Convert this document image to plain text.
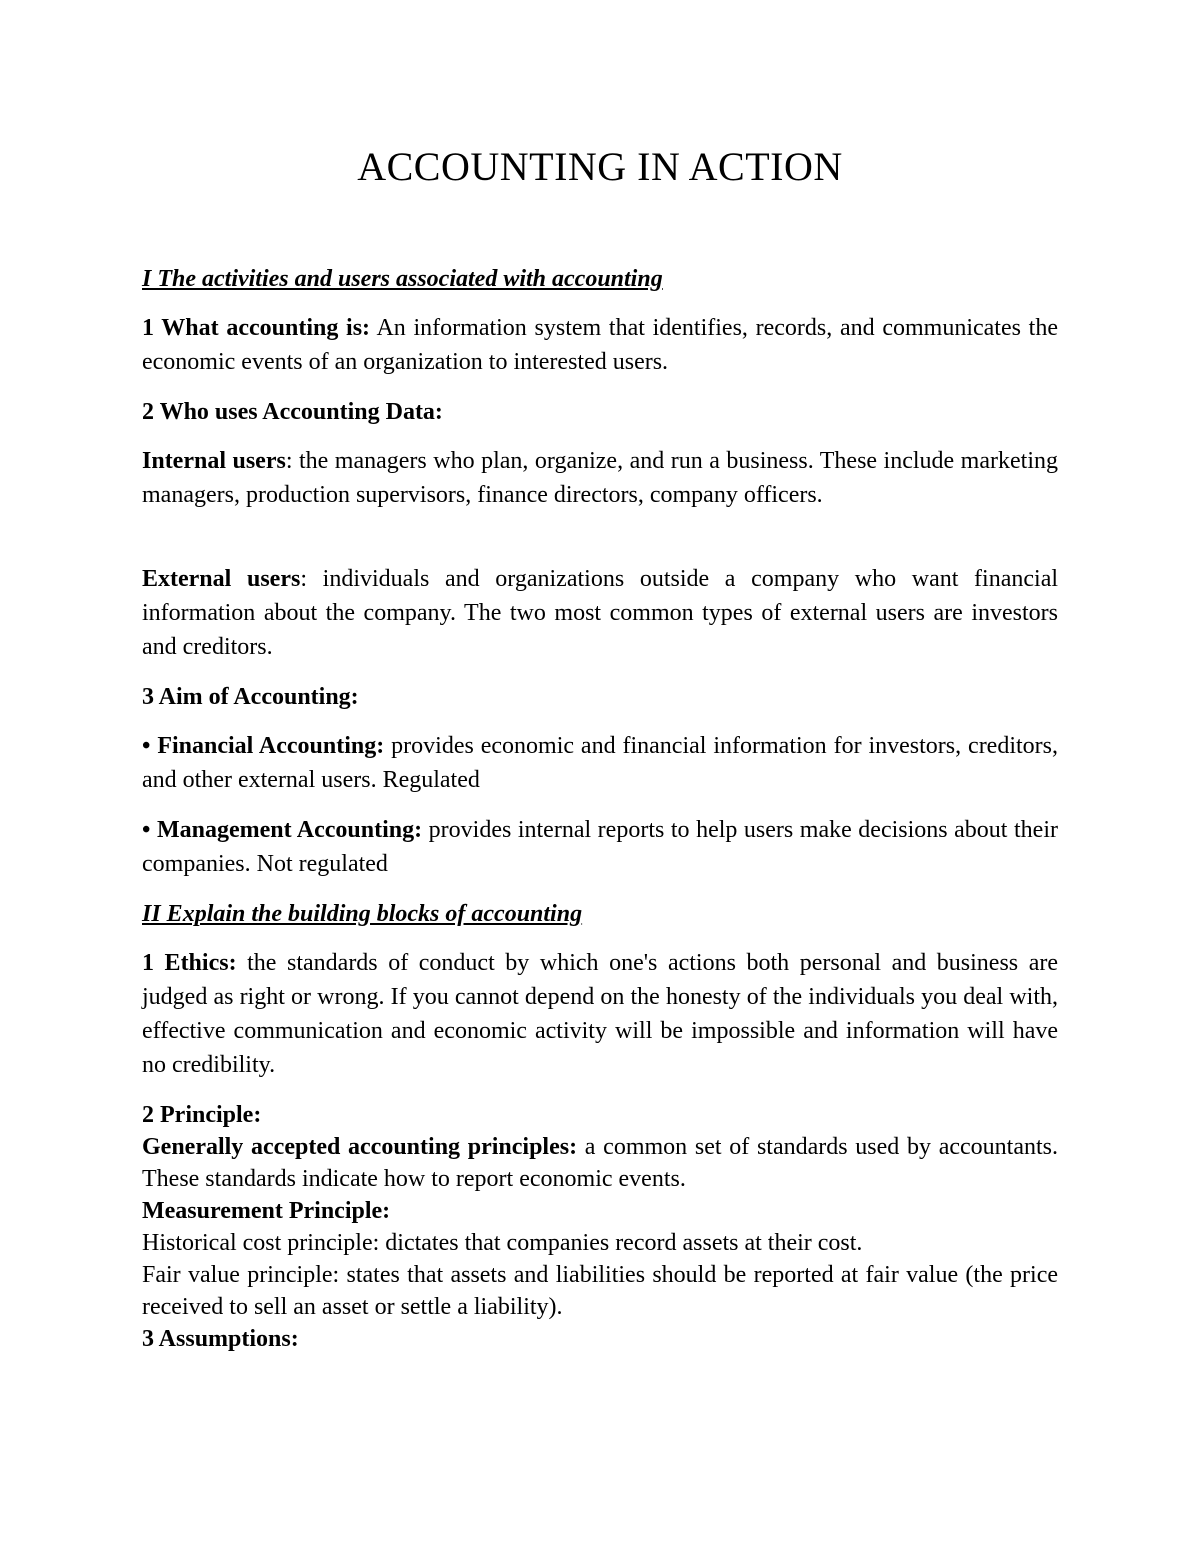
ACCOUNTING IN ACTION
I The activities and users associated with accounting
1 What accounting is: An information system that identifies, records, and communicates the economic events of an organization to interested users.
2 Who uses Accounting Data:
Internal users: the managers who plan, organize, and run a business. These include marketing managers, production supervisors, finance directors, company officers.
External users: individuals and organizations outside a company who want financial information about the company. The two most common types of external users are investors and creditors.
3 Aim of Accounting:
• Financial Accounting: provides economic and financial information for investors, creditors, and other external users. Regulated
• Management Accounting: provides internal reports to help users make decisions about their companies. Not regulated
II Explain the building blocks of accounting
1 Ethics: the standards of conduct by which one's actions both personal and business are judged as right or wrong. If you cannot depend on the honesty of the individuals you deal with, effective communication and economic activity will be impossible and information will have no credibility.
2 Principle:
Generally accepted accounting principles: a common set of standards used by accountants. These standards indicate how to report economic events.
Measurement Principle:
Historical cost principle: dictates that companies record assets at their cost.
Fair value principle: states that assets and liabilities should be reported at fair value (the price received to sell an asset or settle a liability).
3 Assumptions:
